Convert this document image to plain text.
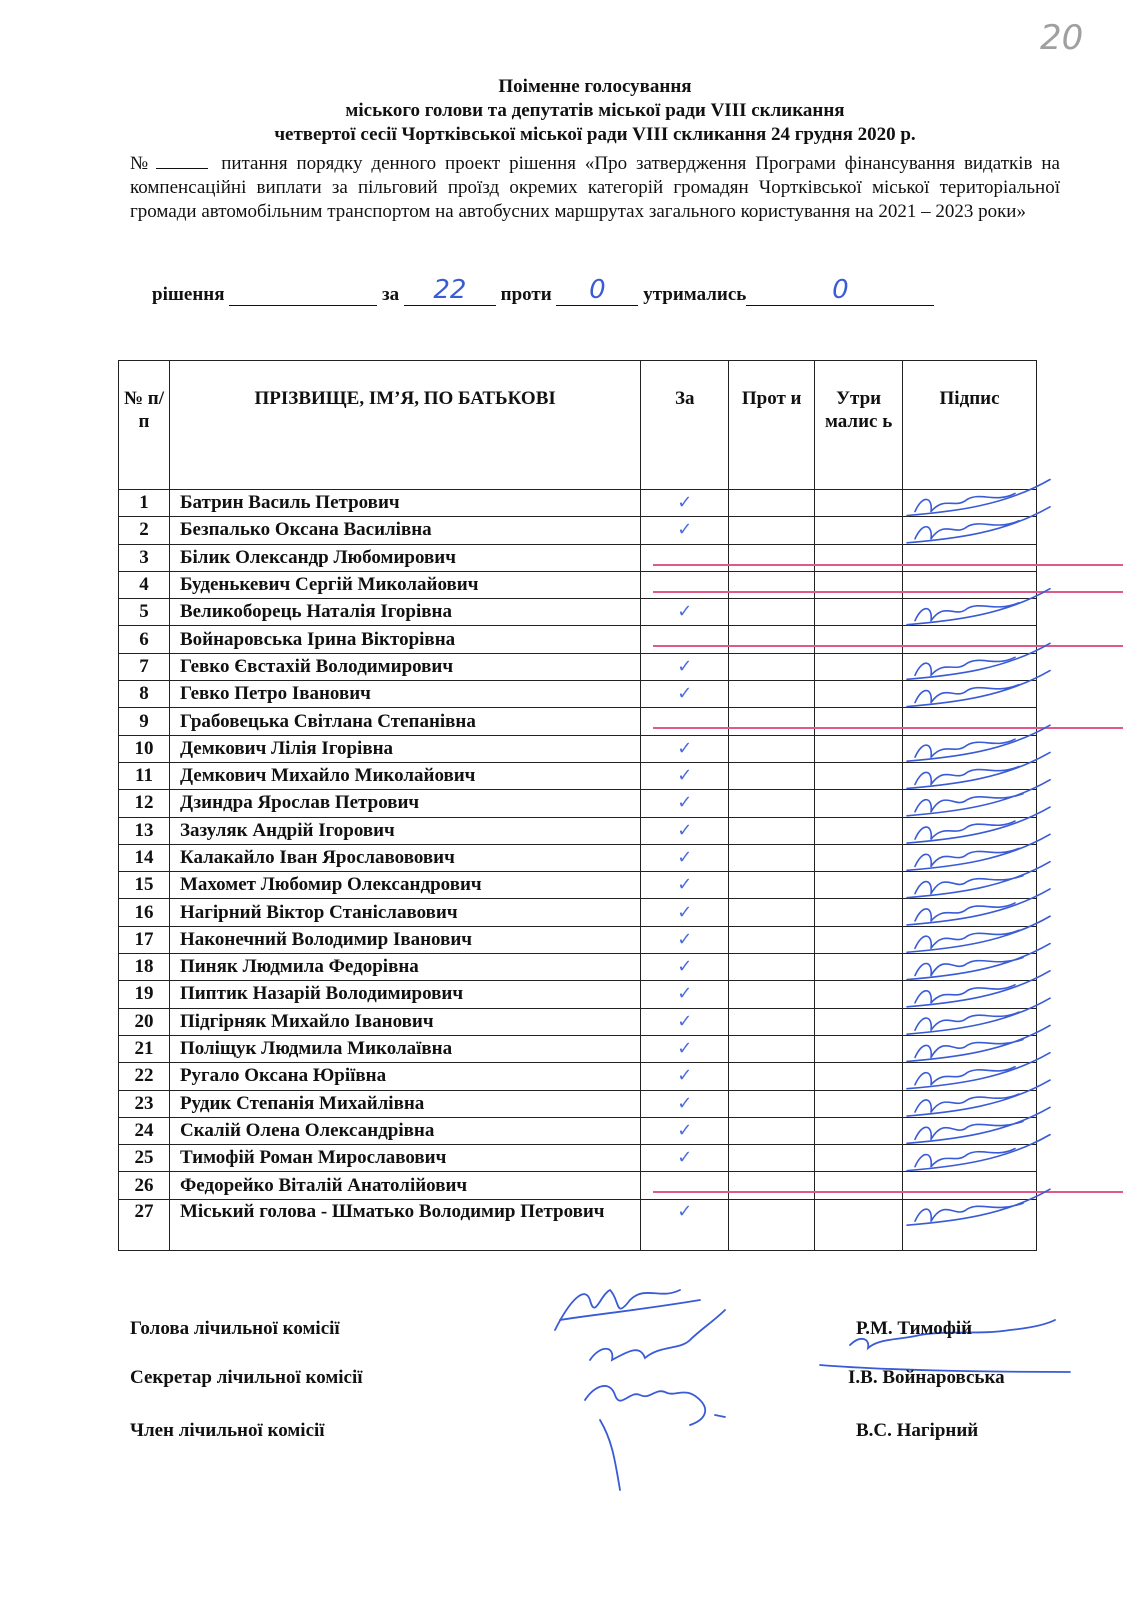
20
Поіменне голосування
міського голови та депутатів міської ради VIII скликання
четвертої сесії Чортківської міської ради VIII скликання 24 грудня 2020 р.
№	питання порядку денного проект рішення «Про затвердження Програми фінансування видатків на компенсаційні виплати за пільговий проїзд окремих категорій громадян Чортківської міської територіальної громади автомобільним транспортом на автобусних маршрутах загального користування на 2021 – 2023 роки»
рішення	за	22	проти	0	утримались	0
№ п/п	ПРІЗВИЩЕ, ІМ’Я, ПО БАТЬКОВІ	За	Прот и	Утри малис ь	Підпис
1	Батрин Василь Петрович	✓			
2	Безпалько Оксана Василівна	✓			
3	Білик Олександр Любомирович				
4	Буденькевич Сергій Миколайович				
5	Великоборець Наталія Ігорівна	✓			
6	Войнаровська Ірина Вікторівна				
7	Гевко Євстахій Володимирович	✓			
8	Гевко Петро Іванович	✓			
9	Грабовецька Світлана Степанівна				
10	Демкович Лілія Ігорівна	✓			
11	Демкович Михайло Миколайович	✓			
12	Дзиндра Ярослав Петрович	✓			
13	Зазуляк Андрій Ігорович	✓			
14	Калакайло Іван Ярославовович	✓			
15	Махомет Любомир Олександрович	✓			
16	Нагірний Віктор Станіславович	✓			
17	Наконечний Володимир Іванович	✓			
18	Пиняк Людмила Федорівна	✓			
19	Пиптик Назарій Володимирович	✓			
20	Підгірняк Михайло Іванович	✓			
21	Поліщук Людмила Миколаївна	✓			
22	Ругало Оксана Юріївна	✓			
23	Рудик Степанія Михайлівна	✓			
24	Скалій Олена Олександрівна	✓			
25	Тимофій Роман Мирославович	✓			
26	Федорейко Віталій Анатолійович				
27	Міський голова - Шматько Володимир Петрович	✓			
Голова лічильної комісії	Р.М. Тимофій
Секретар лічильної комісії	І.В. Войнаровська
Член лічильної комісії	В.С. Нагірний
